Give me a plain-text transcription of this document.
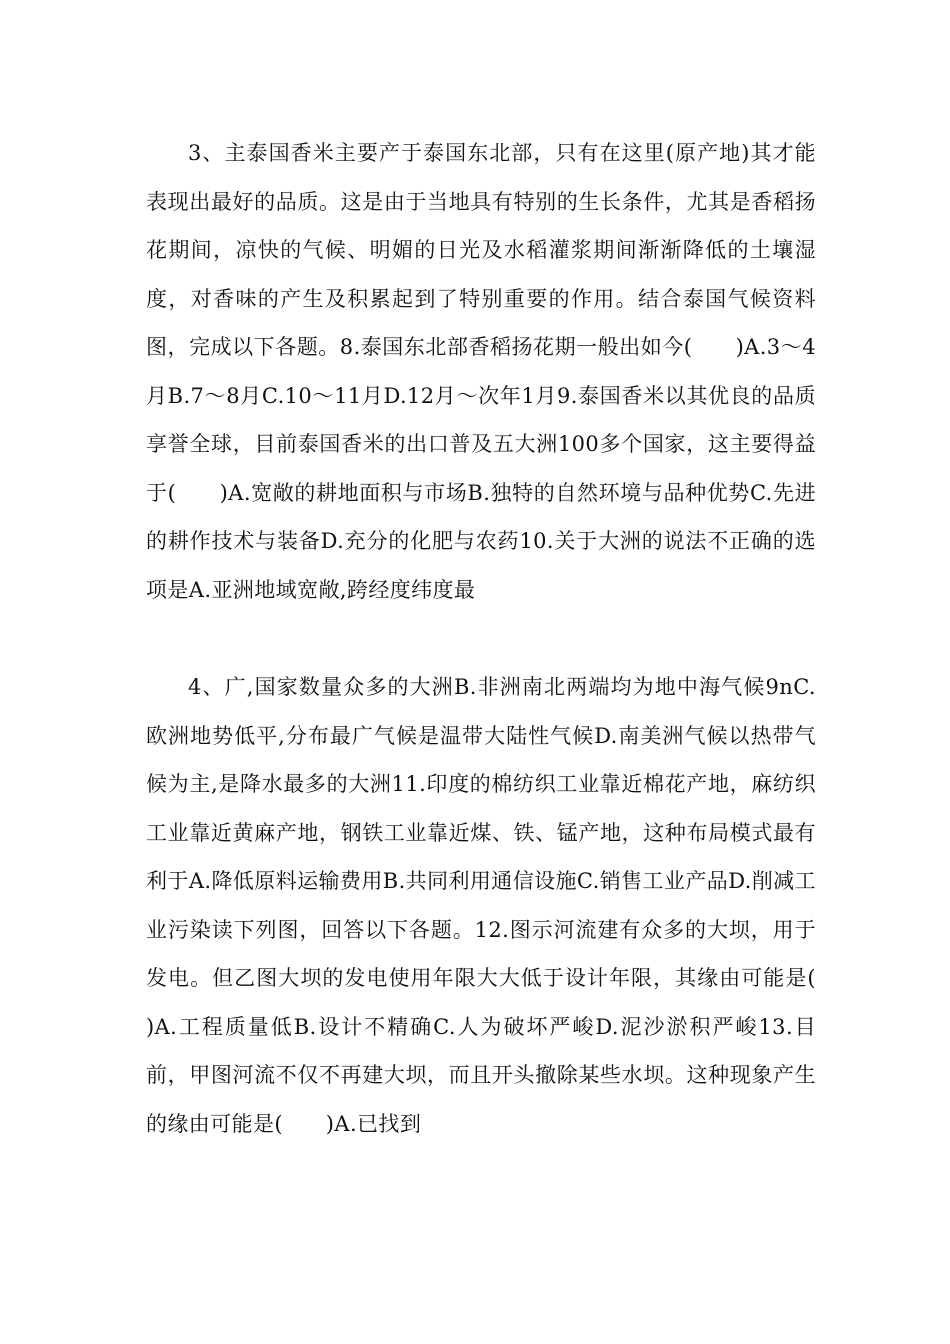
3、主泰国香米主要产于泰国东北部，只有在这里(原产地)其才能表现出最好的品质。这是由于当地具有特别的生长条件，尤其是香稻扬花期间，凉快的气候、明媚的日光及水稻灌浆期间渐渐降低的土壤湿度，对香味的产生及积累起到了特别重要的作用。结合泰国气候资料图，完成以下各题。8.泰国东北部香稻扬花期一般出如今(　　)A.3～4月B.7～8月C.10～11月D.12月～次年1月9.泰国香米以其优良的品质享誉全球，目前泰国香米的出口普及五大洲100多个国家，这主要得益于(　　)A.宽敞的耕地面积与市场B.独特的自然环境与品种优势C.先进的耕作技术与装备D.充分的化肥与农药10.关于大洲的说法不正确的选项是A.亚洲地域宽敞,跨经度纬度最

4、广,国家数量众多的大洲B.非洲南北两端均为地中海气候9nC.欧洲地势低平,分布最广气候是温带大陆性气候D.南美洲气候以热带气候为主,是降水最多的大洲11.印度的棉纺织工业靠近棉花产地，麻纺织工业靠近黄麻产地，钢铁工业靠近煤、铁、锰产地，这种布局模式最有利于A.降低原料运输费用B.共同利用通信设施C.销售工业产品D.削减工业污染读下列图，回答以下各题。12.图示河流建有众多的大坝，用于发电。但乙图大坝的发电使用年限大大低于设计年限，其缘由可能是(　　)A.工程质量低B.设计不精确C.人为破坏严峻D.泥沙淤积严峻13.目前，甲图河流不仅不再建大坝，而且开头撤除某些水坝。这种现象产生的缘由可能是(　　)A.已找到
